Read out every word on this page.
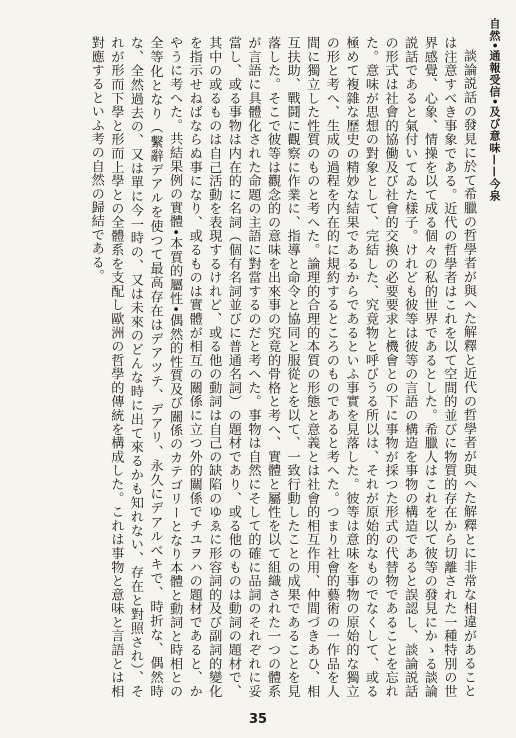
自然•通報受信•及び意味——今泉

談論説話の發見に於て希臘の哲學者が與へた解釋と近代の哲學者が與へた解釋とに非常な相違があることは注意すべき事象である。近代の哲學者はこれを以て空間的並びに物質的存在から切離された一種特別の世界感覺、心象、情操を以て成る個々の私的世界であるとした。希臘人はこれを以て彼等の發見にかゝる談論説話であると氣付いてゐた樣子。けれども彼等は彼等の言語の構造を事物の構造であると誤認し、談論説話の形式は社會的協働及び社會的交換の必要要求と機會との下に事物が採つた形式の代替物であることを忘れた。意味が思想の對象として、完結した、究竟物と呼びうる所以は、それが原始的なものでなくして、或る極めて複雜な歷史の精妙な結果であるからであるといふ事實を見落した。彼等は意味を事物の原始的な獨立の形と考へ、生成の過程を内在的に規約するところのものであると考へた。つまり社會的藝術の一作品を人間に獨立した性質のものと考へた。論理的合理的本質の形態と意義とは社會的相互作用、仲間づきあひ、相互扶助、戰鬪に觀察に作業に、指導と命令と協同と服從とを以て、一致行動したことの成果であることを見落した。そこで彼等は觀念的の意味を出來事の究竟的骨格と考へ、實體と屬性を以て組織された一つの體系が言語に具體化された命題の主語に對當するのだと考へた。事物は自然にそして的確に品詞のそれぞれに妥當し、或る事物は内在的に名詞（個有名詞並びに普通名詞）の題材であり、或る他のものは動詞の題材で、其中の或るものは自己活動を表現するけれど、或る他の動詞は自己の缺陷のゆゑに形容詞的及び副詞的變化を指示せねばならぬ事になり、或るものは實體が相互の關係に立つ外的關係でチユヲハの題材であると、かやうに考へた。共結果例の實體•本質的屬性•偶然的性質及び關係のカテゴリーとなり本體と動詞と時相との全等化となり（繫辭デアルを使つて最高存在はデアツテ、デアリ、永久にデアルべキで、時折な、偶然時な、全然過去の、又は單に今一時の、又は未來のどんな時に出て來るかも知れない、存在と對照され）、それが形而下學と形而上學との全體系を支配し歐洲の哲學的傳統を構成した。これは事物と意味と言語とは相對應するといふ考の自然の歸結である。

35
